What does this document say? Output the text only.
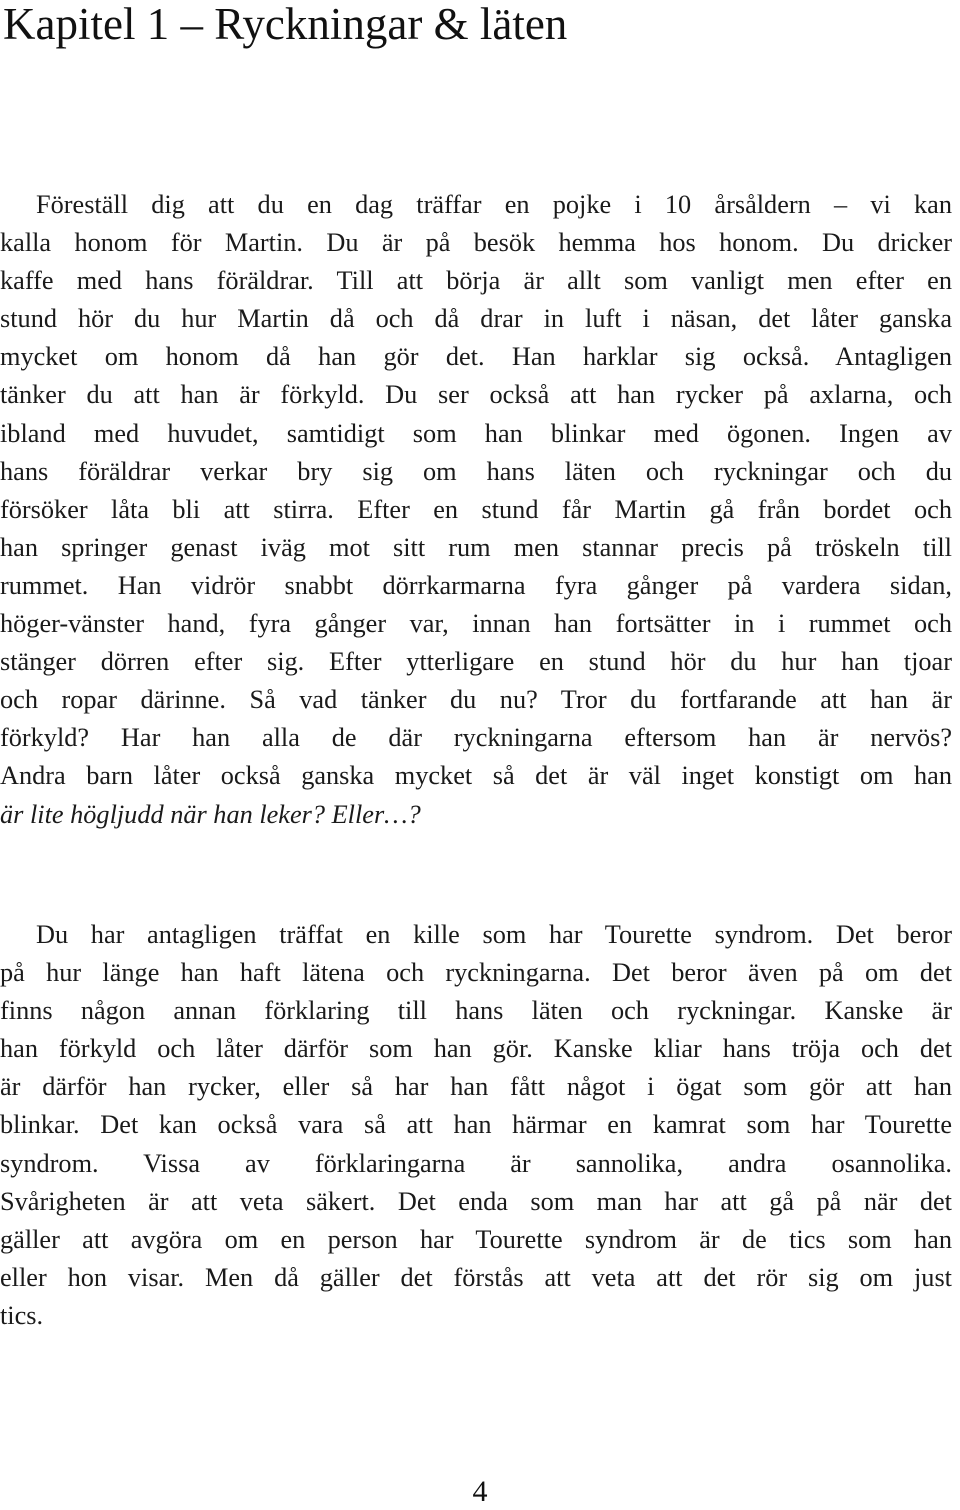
Kapitel 1 – Ryckningar & läten
Föreställ dig att du en dag träffar en pojke i 10 årsåldern – vi kan
kalla honom för Martin. Du är på besök hemma hos honom. Du dricker
kaffe med hans föräldrar. Till att börja är allt som vanligt men efter en
stund hör du hur Martin då och då drar in luft i näsan, det låter ganska
mycket om honom då han gör det. Han harklar sig också. Antagligen
tänker du att han är förkyld. Du ser också att han rycker på axlarna, och
ibland med huvudet, samtidigt som han blinkar med ögonen. Ingen av
hans föräldrar verkar bry sig om hans läten och ryckningar och du
försöker låta bli att stirra. Efter en stund får Martin gå från bordet och
han springer genast iväg mot sitt rum men stannar precis på tröskeln till
rummet. Han vidrör snabbt dörrkarmarna fyra gånger på vardera sidan,
höger-vänster hand, fyra gånger var, innan han fortsätter in i rummet och
stänger dörren efter sig. Efter ytterligare en stund hör du hur han tjoar
och ropar därinne. Så vad tänker du nu? Tror du fortfarande att han är
förkyld? Har han alla de där ryckningarna eftersom han är nervös?
Andra barn låter också ganska mycket så det är väl inget konstigt om han
är lite högljudd när han leker? Eller…?
Du har antagligen träffat en kille som har Tourette syndrom. Det beror
på hur länge han haft lätena och ryckningarna. Det beror även på om det
finns någon annan förklaring till hans läten och ryckningar. Kanske är
han förkyld och låter därför som han gör. Kanske kliar hans tröja och det
är därför han rycker, eller så har han fått något i ögat som gör att han
blinkar. Det kan också vara så att han härmar en kamrat som har Tourette
syndrom. Vissa av förklaringarna är sannolika, andra osannolika.
Svårigheten är att veta säkert. Det enda som man har att gå på när det
gäller att avgöra om en person har Tourette syndrom är de tics som han
eller hon visar. Men då gäller det förstås att veta att det rör sig om just
tics.

4
